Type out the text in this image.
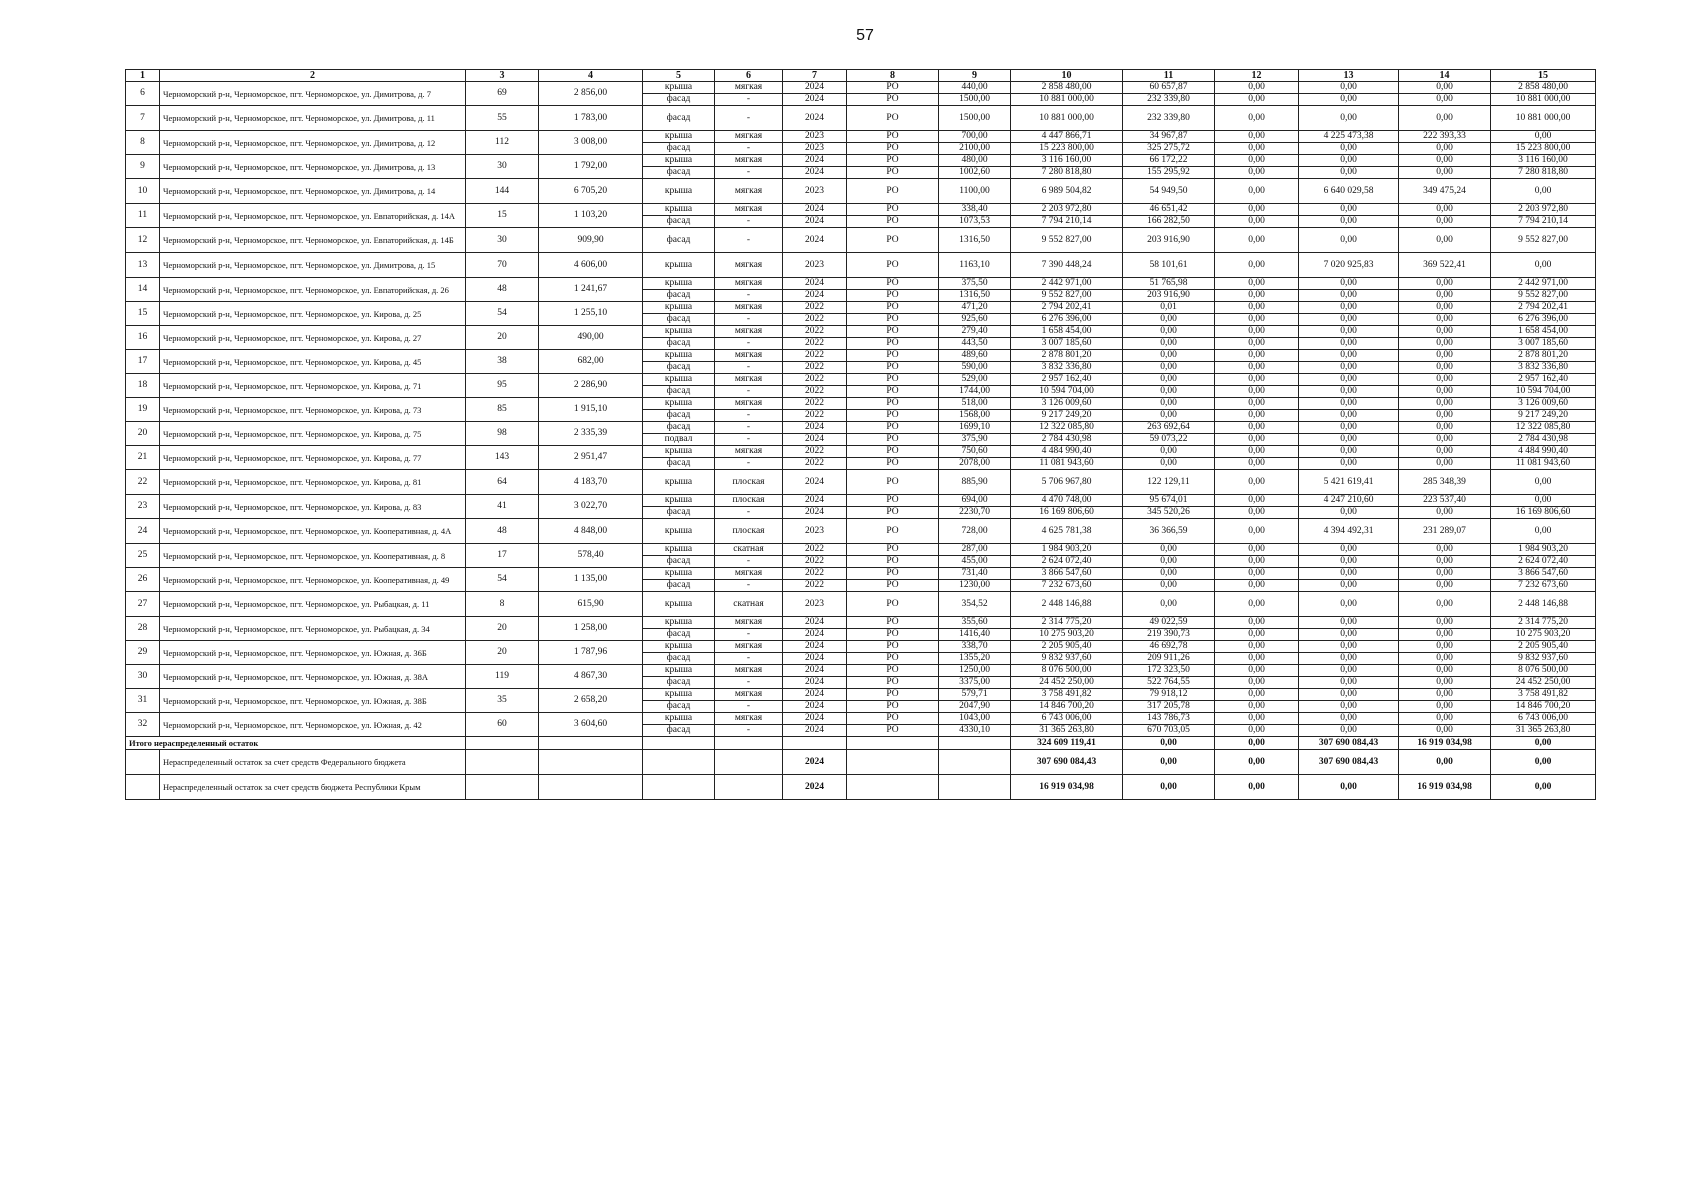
57
1	2	3	4	5	6	7	8	9	10	11	12	13	14	15
6	Черноморский р-н, Черноморское, пгт. Черноморское, ул. Димитрова, д. 7	69	2 856,00	крыша	мягкая	2024	РО	440,00	2 858 480,00	60 657,87	0,00	0,00	0,00	2 858 480,00
				фасад	-	2024	РО	1500,00	10 881 000,00	232 339,80	0,00	0,00	0,00	10 881 000,00
7	Черноморский р-н, Черноморское, пгт. Черноморское, ул. Димитрова, д. 11	55	1 783,00	фасад	-	2024	РО	1500,00	10 881 000,00	232 339,80	0,00	0,00	0,00	10 881 000,00
8	Черноморский р-н, Черноморское, пгт. Черноморское, ул. Димитрова, д. 12	112	3 008,00	крыша	мягкая	2023	РО	700,00	4 447 866,71	34 967,87	0,00	4 225 473,38	222 393,33	0,00
				фасад	-	2023	РО	2100,00	15 223 800,00	325 275,72	0,00	0,00	0,00	15 223 800,00
9	Черноморский р-н, Черноморское, пгт. Черноморское, ул. Димитрова, д. 13	30	1 792,00	крыша	мягкая	2024	РО	480,00	3 116 160,00	66 172,22	0,00	0,00	0,00	3 116 160,00
				фасад	-	2024	РО	1002,60	7 280 818,80	155 295,92	0,00	0,00	0,00	7 280 818,80
10	Черноморский р-н, Черноморское, пгт. Черноморское, ул. Димитрова, д. 14	144	6 705,20	крыша	мягкая	2023	РО	1100,00	6 989 504,82	54 949,50	0,00	6 640 029,58	349 475,24	0,00
11	Черноморский р-н, Черноморское, пгт. Черноморское, ул. Евпаторийская, д. 14А	15	1 103,20	крыша	мягкая	2024	РО	338,40	2 203 972,80	46 651,42	0,00	0,00	0,00	2 203 972,80
				фасад	-	2024	РО	1073,53	7 794 210,14	166 282,50	0,00	0,00	0,00	7 794 210,14
12	Черноморский р-н, Черноморское, пгт. Черноморское, ул. Евпаторийская, д. 14Б	30	909,90	фасад	-	2024	РО	1316,50	9 552 827,00	203 916,90	0,00	0,00	0,00	9 552 827,00
13	Черноморский р-н, Черноморское, пгт. Черноморское, ул. Димитрова, д. 15	70	4 606,00	крыша	мягкая	2023	РО	1163,10	7 390 448,24	58 101,61	0,00	7 020 925,83	369 522,41	0,00
14	Черноморский р-н, Черноморское, пгт. Черноморское, ул. Евпаторийская, д. 26	48	1 241,67	крыша	мягкая	2024	РО	375,50	2 442 971,00	51 765,98	0,00	0,00	0,00	2 442 971,00
				фасад	-	2024	РО	1316,50	9 552 827,00	203 916,90	0,00	0,00	0,00	9 552 827,00
15	Черноморский р-н, Черноморское, пгт. Черноморское, ул. Кирова, д. 25	54	1 255,10	крыша	мягкая	2022	РО	471,20	2 794 202,41	0,01	0,00	0,00	0,00	2 794 202,41
				фасад	-	2022	РО	925,60	6 276 396,00	0,00	0,00	0,00	0,00	6 276 396,00
16	Черноморский р-н, Черноморское, пгт. Черноморское, ул. Кирова, д. 27	20	490,00	крыша	мягкая	2022	РО	279,40	1 658 454,00	0,00	0,00	0,00	0,00	1 658 454,00
				фасад	-	2022	РО	443,50	3 007 185,60	0,00	0,00	0,00	0,00	3 007 185,60
17	Черноморский р-н, Черноморское, пгт. Черноморское, ул. Кирова, д. 45	38	682,00	крыша	мягкая	2022	РО	489,60	2 878 801,20	0,00	0,00	0,00	0,00	2 878 801,20
				фасад	-	2022	РО	590,00	3 832 336,80	0,00	0,00	0,00	0,00	3 832 336,80
18	Черноморский р-н, Черноморское, пгт. Черноморское, ул. Кирова, д. 71	95	2 286,90	крыша	мягкая	2022	РО	529,00	2 957 162,40	0,00	0,00	0,00	0,00	2 957 162,40
				фасад	-	2022	РО	1744,00	10 594 704,00	0,00	0,00	0,00	0,00	10 594 704,00
19	Черноморский р-н, Черноморское, пгт. Черноморское, ул. Кирова, д. 73	85	1 915,10	крыша	мягкая	2022	РО	518,00	3 126 009,60	0,00	0,00	0,00	0,00	3 126 009,60
				фасад	-	2022	РО	1568,00	9 217 249,20	0,00	0,00	0,00	0,00	9 217 249,20
20	Черноморский р-н, Черноморское, пгт. Черноморское, ул. Кирова, д. 75	98	2 335,39	фасад	-	2024	РО	1699,10	12 322 085,80	263 692,64	0,00	0,00	0,00	12 322 085,80
				подвал	-	2024	РО	375,90	2 784 430,98	59 073,22	0,00	0,00	0,00	2 784 430,98
21	Черноморский р-н, Черноморское, пгт. Черноморское, ул. Кирова, д. 77	143	2 951,47	крыша	мягкая	2022	РО	750,60	4 484 990,40	0,00	0,00	0,00	0,00	4 484 990,40
				фасад	-	2022	РО	2078,00	11 081 943,60	0,00	0,00	0,00	0,00	11 081 943,60
22	Черноморский р-н, Черноморское, пгт. Черноморское, ул. Кирова, д. 81	64	4 183,70	крыша	плоская	2024	РО	885,90	5 706 967,80	122 129,11	0,00	5 421 619,41	285 348,39	0,00
23	Черноморский р-н, Черноморское, пгт. Черноморское, ул. Кирова, д. 83	41	3 022,70	крыша	плоская	2024	РО	694,00	4 470 748,00	95 674,01	0,00	4 247 210,60	223 537,40	0,00
				фасад	-	2024	РО	2230,70	16 169 806,60	345 520,26	0,00	0,00	0,00	16 169 806,60
24	Черноморский р-н, Черноморское, пгт. Черноморское, ул. Кооперативная, д. 4А	48	4 848,00	крыша	плоская	2023	РО	728,00	4 625 781,38	36 366,59	0,00	4 394 492,31	231 289,07	0,00
25	Черноморский р-н, Черноморское, пгт. Черноморское, ул. Кооперативная, д. 8	17	578,40	крыша	скатная	2022	РО	287,00	1 984 903,20	0,00	0,00	0,00	0,00	1 984 903,20
				фасад	-	2022	РО	455,00	2 624 072,40	0,00	0,00	0,00	0,00	2 624 072,40
26	Черноморский р-н, Черноморское, пгт. Черноморское, ул. Кооперативная, д. 49	54	1 135,00	крыша	мягкая	2022	РО	731,40	3 866 547,60	0,00	0,00	0,00	0,00	3 866 547,60
				фасад	-	2022	РО	1230,00	7 232 673,60	0,00	0,00	0,00	0,00	7 232 673,60
27	Черноморский р-н, Черноморское, пгт. Черноморское, ул. Рыбацкая, д. 11	8	615,90	крыша	скатная	2023	РО	354,52	2 448 146,88	0,00	0,00	0,00	0,00	2 448 146,88
28	Черноморский р-н, Черноморское, пгт. Черноморское, ул. Рыбацкая, д. 34	20	1 258,00	крыша	мягкая	2024	РО	355,60	2 314 775,20	49 022,59	0,00	0,00	0,00	2 314 775,20
				фасад	-	2024	РО	1416,40	10 275 903,20	219 390,73	0,00	0,00	0,00	10 275 903,20
29	Черноморский р-н, Черноморское, пгт. Черноморское, ул. Южная, д. 36Б	20	1 787,96	крыша	мягкая	2024	РО	338,70	2 205 905,40	46 692,78	0,00	0,00	0,00	2 205 905,40
				фасад	-	2024	РО	1355,20	9 832 937,60	209 911,26	0,00	0,00	0,00	9 832 937,60
30	Черноморский р-н, Черноморское, пгт. Черноморское, ул. Южная, д. 38А	119	4 867,30	крыша	мягкая	2024	РО	1250,00	8 076 500,00	172 323,50	0,00	0,00	0,00	8 076 500,00
				фасад	-	2024	РО	3375,00	24 452 250,00	522 764,55	0,00	0,00	0,00	24 452 250,00
31	Черноморский р-н, Черноморское, пгт. Черноморское, ул. Южная, д. 38Б	35	2 658,20	крыша	мягкая	2024	РО	579,71	3 758 491,82	79 918,12	0,00	0,00	0,00	3 758 491,82
				фасад	-	2024	РО	2047,90	14 846 700,20	317 205,78	0,00	0,00	0,00	14 846 700,20
32	Черноморский р-н, Черноморское, пгт. Черноморское, ул. Южная, д. 42	60	3 604,60	крыша	мягкая	2024	РО	1043,00	6 743 006,00	143 786,73	0,00	0,00	0,00	6 743 006,00
				фасад	-	2024	РО	4330,10	31 365 263,80	670 703,05	0,00	0,00	0,00	31 365 263,80
Итого нераспределенный остаток									324 609 119,41	0,00	0,00	307 690 084,43	16 919 034,98	0,00
	Нераспределенный остаток за счет средств Федерального бюджета					2024			307 690 084,43	0,00	0,00	307 690 084,43	0,00	0,00
	Нераспределенный остаток за счет средств бюджета Республики Крым					2024			16 919 034,98	0,00	0,00	0,00	16 919 034,98	0,00
